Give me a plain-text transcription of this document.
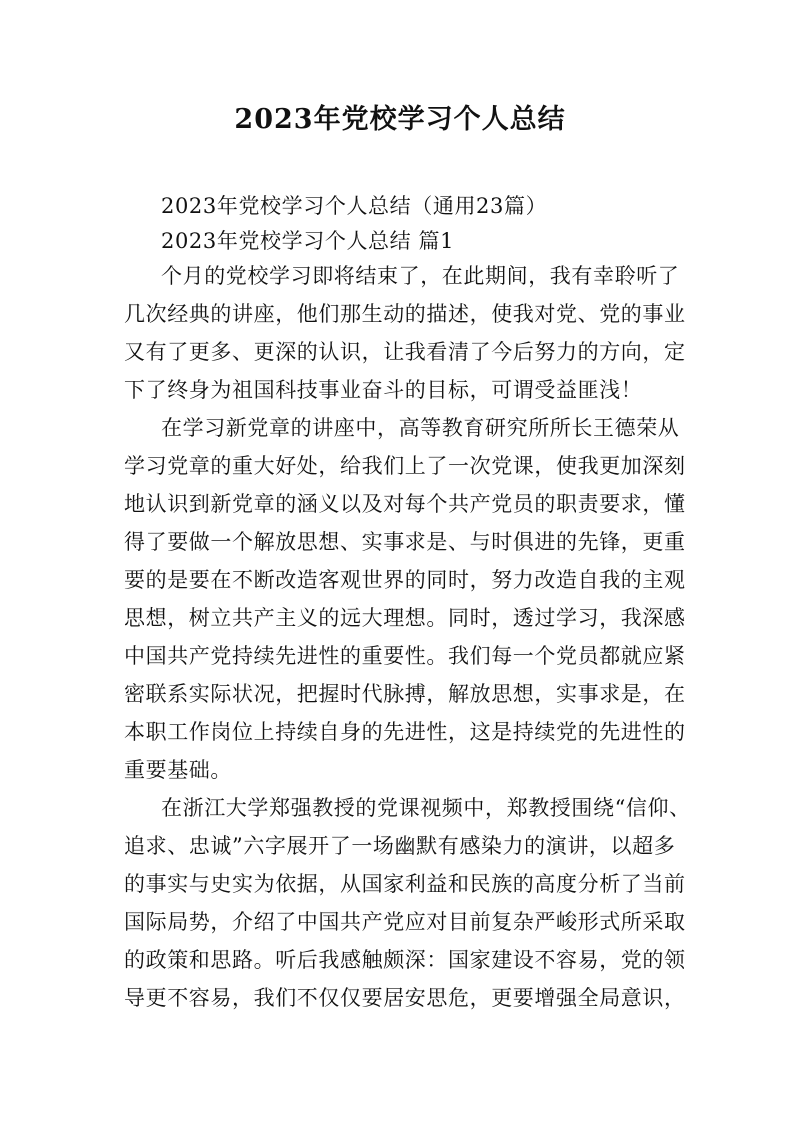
2023年党校学习个人总结
2023年党校学习个人总结（通用23篇）
2023年党校学习个人总结 篇1
个月的党校学习即将结束了，在此期间，我有幸聆听了
几次经典的讲座，他们那生动的描述，使我对党、党的事业
又有了更多、更深的认识，让我看清了今后努力的方向，定
下了终身为祖国科技事业奋斗的目标，可谓受益匪浅！
在学习新党章的讲座中，高等教育研究所所长王德荣从
学习党章的重大好处，给我们上了一次党课，使我更加深刻
地认识到新党章的涵义以及对每个共产党员的职责要求，懂
得了要做一个解放思想、实事求是、与时俱进的先锋，更重
要的是要在不断改造客观世界的同时，努力改造自我的主观
思想，树立共产主义的远大理想。同时，透过学习，我深感
中国共产党持续先进性的重要性。我们每一个党员都就应紧
密联系实际状况，把握时代脉搏，解放思想，实事求是，在
本职工作岗位上持续自身的先进性，这是持续党的先进性的
重要基础。
在浙江大学郑强教授的党课视频中，郑教授围绕“信仰、
追求、忠诚”六字展开了一场幽默有感染力的演讲，以超多
的事实与史实为依据，从国家利益和民族的高度分析了当前
国际局势，介绍了中国共产党应对目前复杂严峻形式所采取
的政策和思路。听后我感触颇深：国家建设不容易，党的领
导更不容易，我们不仅仅要居安思危，更要增强全局意识，
